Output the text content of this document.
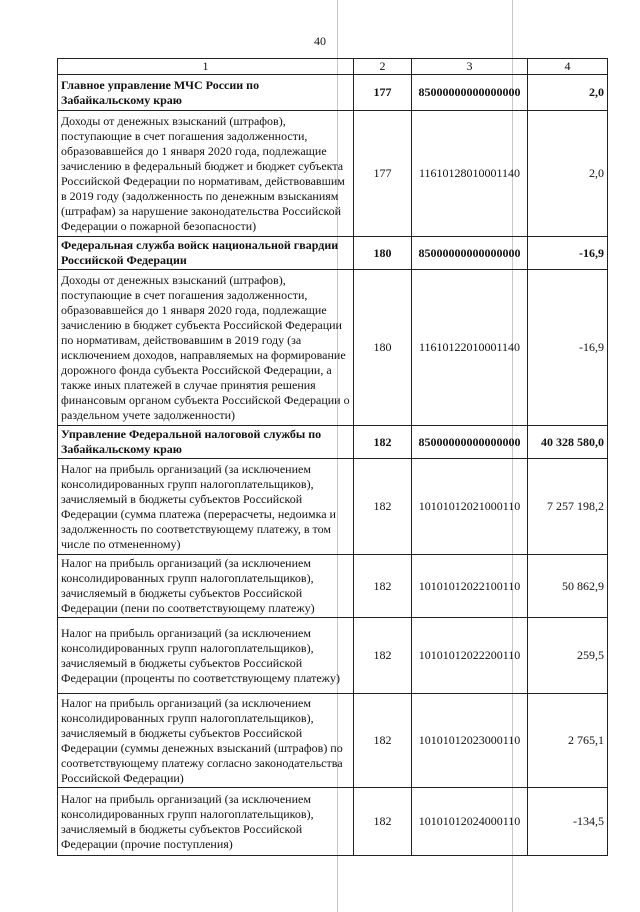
40
1	2	3	4
Главное управление МЧС России по Забайкальскому краю	177	85000000000000000	2,0
Доходы от денежных взысканий (штрафов), поступающие в счет погашения задолженности, образовавшейся до 1 января 2020 года, подлежащие зачислению в федеральный бюджет и бюджет субъекта Российской Федерации по нормативам, действовавшим в 2019 году (задолженность по денежным взысканиям (штрафам) за нарушение законодательства Российской Федерации о пожарной безопасности)	177	11610128010001140	2,0
Федеральная служба войск национальной гвардии Российской Федерации	180	85000000000000000	-16,9
Доходы от денежных взысканий (штрафов), поступающие в счет погашения задолженности, образовавшейся до 1 января 2020 года, подлежащие зачислению в бюджет субъекта Российской Федерации по нормативам, действовавшим в 2019 году (за исключением доходов, направляемых на формирование дорожного фонда субъекта Российской Федерации, а также иных платежей в случае принятия решения финансовым органом субъекта Российской Федерации о раздельном учете задолженности)	180	11610122010001140	-16,9
Управление Федеральной налоговой службы по Забайкальскому краю	182	85000000000000000	40 328 580,0
Налог на прибыль организаций (за исключением консолидированных групп налогоплательщиков), зачисляемый в бюджеты субъектов Российской Федерации (сумма платежа (перерасчеты, недоимка и задолженность по соответствующему платежу, в том числе по отмененному)	182	10101012021000110	7 257 198,2
Налог на прибыль организаций (за исключением консолидированных групп налогоплательщиков), зачисляемый в бюджеты субъектов Российской Федерации (пени по соответствующему платежу)	182	10101012022100110	50 862,9
Налог на прибыль организаций (за исключением консолидированных групп налогоплательщиков), зачисляемый в бюджеты субъектов Российской Федерации (проценты по соответствующему платежу)	182	10101012022200110	259,5
Налог на прибыль организаций (за исключением консолидированных групп налогоплательщиков), зачисляемый в бюджеты субъектов Российской Федерации (суммы денежных взысканий (штрафов) по соответствующему платежу согласно законодательства Российской Федерации)	182	10101012023000110	2 765,1
Налог на прибыль организаций (за исключением консолидированных групп налогоплательщиков), зачисляемый в бюджеты субъектов Российской Федерации (прочие поступления)	182	10101012024000110	-134,5
